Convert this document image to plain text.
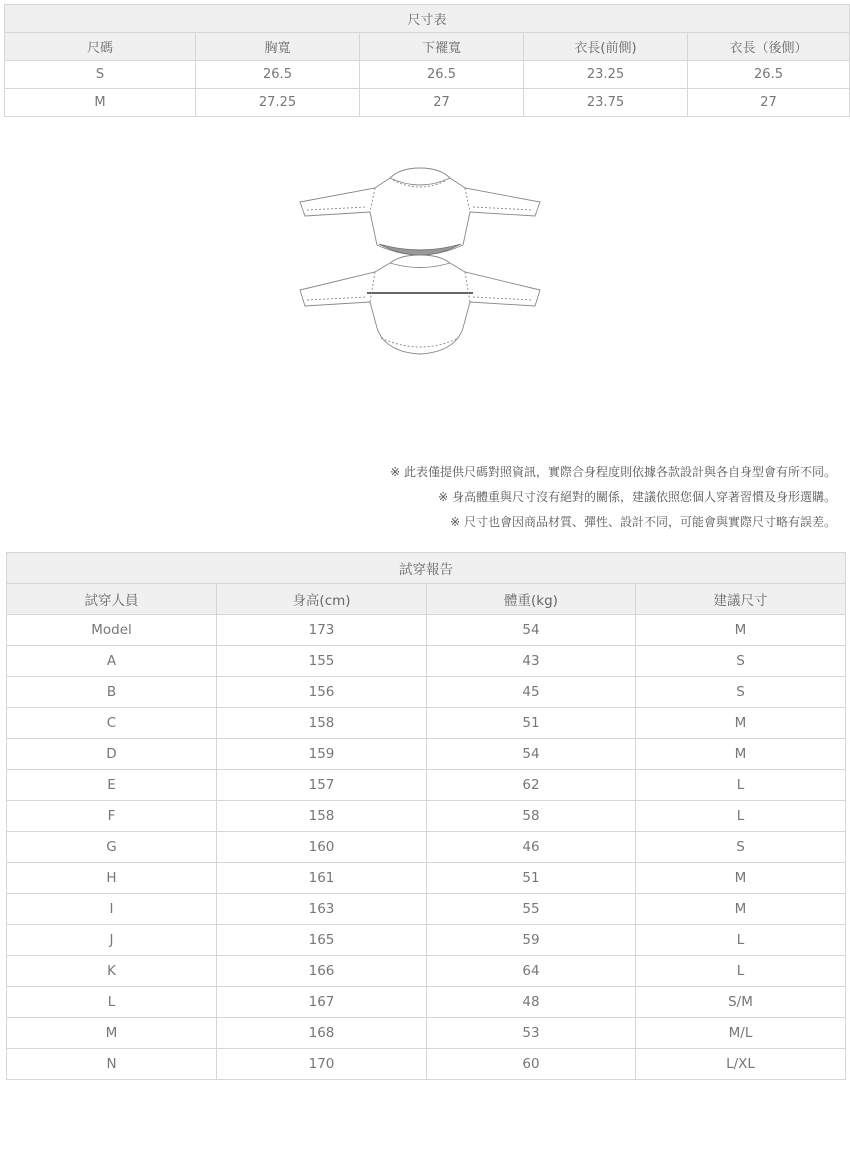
尺寸表				
尺碼	胸寬	下襬寬	衣長(前側)	衣長（後側）
S	26.5	26.5	23.25	26.5
M	27.25	27	23.75	27

※ 此表僅提供尺碼對照資訊，實際合身程度則依據各款設計與各自身型會有所不同。

※ 身高體重與尺寸沒有絕對的關係，建議依照您個人穿著習慣及身形選購。

※ 尺寸也會因商品材質、彈性、設計不同，可能會與實際尺寸略有誤差。

試穿報告			
試穿人員	身高(cm)	體重(kg)	建議尺寸
Model	173	54	M
A	155	43	S
B	156	45	S
C	158	51	M
D	159	54	M
E	157	62	L
F	158	58	L
G	160	46	S
H	161	51	M
I	163	55	M
J	165	59	L
K	166	64	L
L	167	48	S/M
M	168	53	M/L
N	170	60	L/XL
